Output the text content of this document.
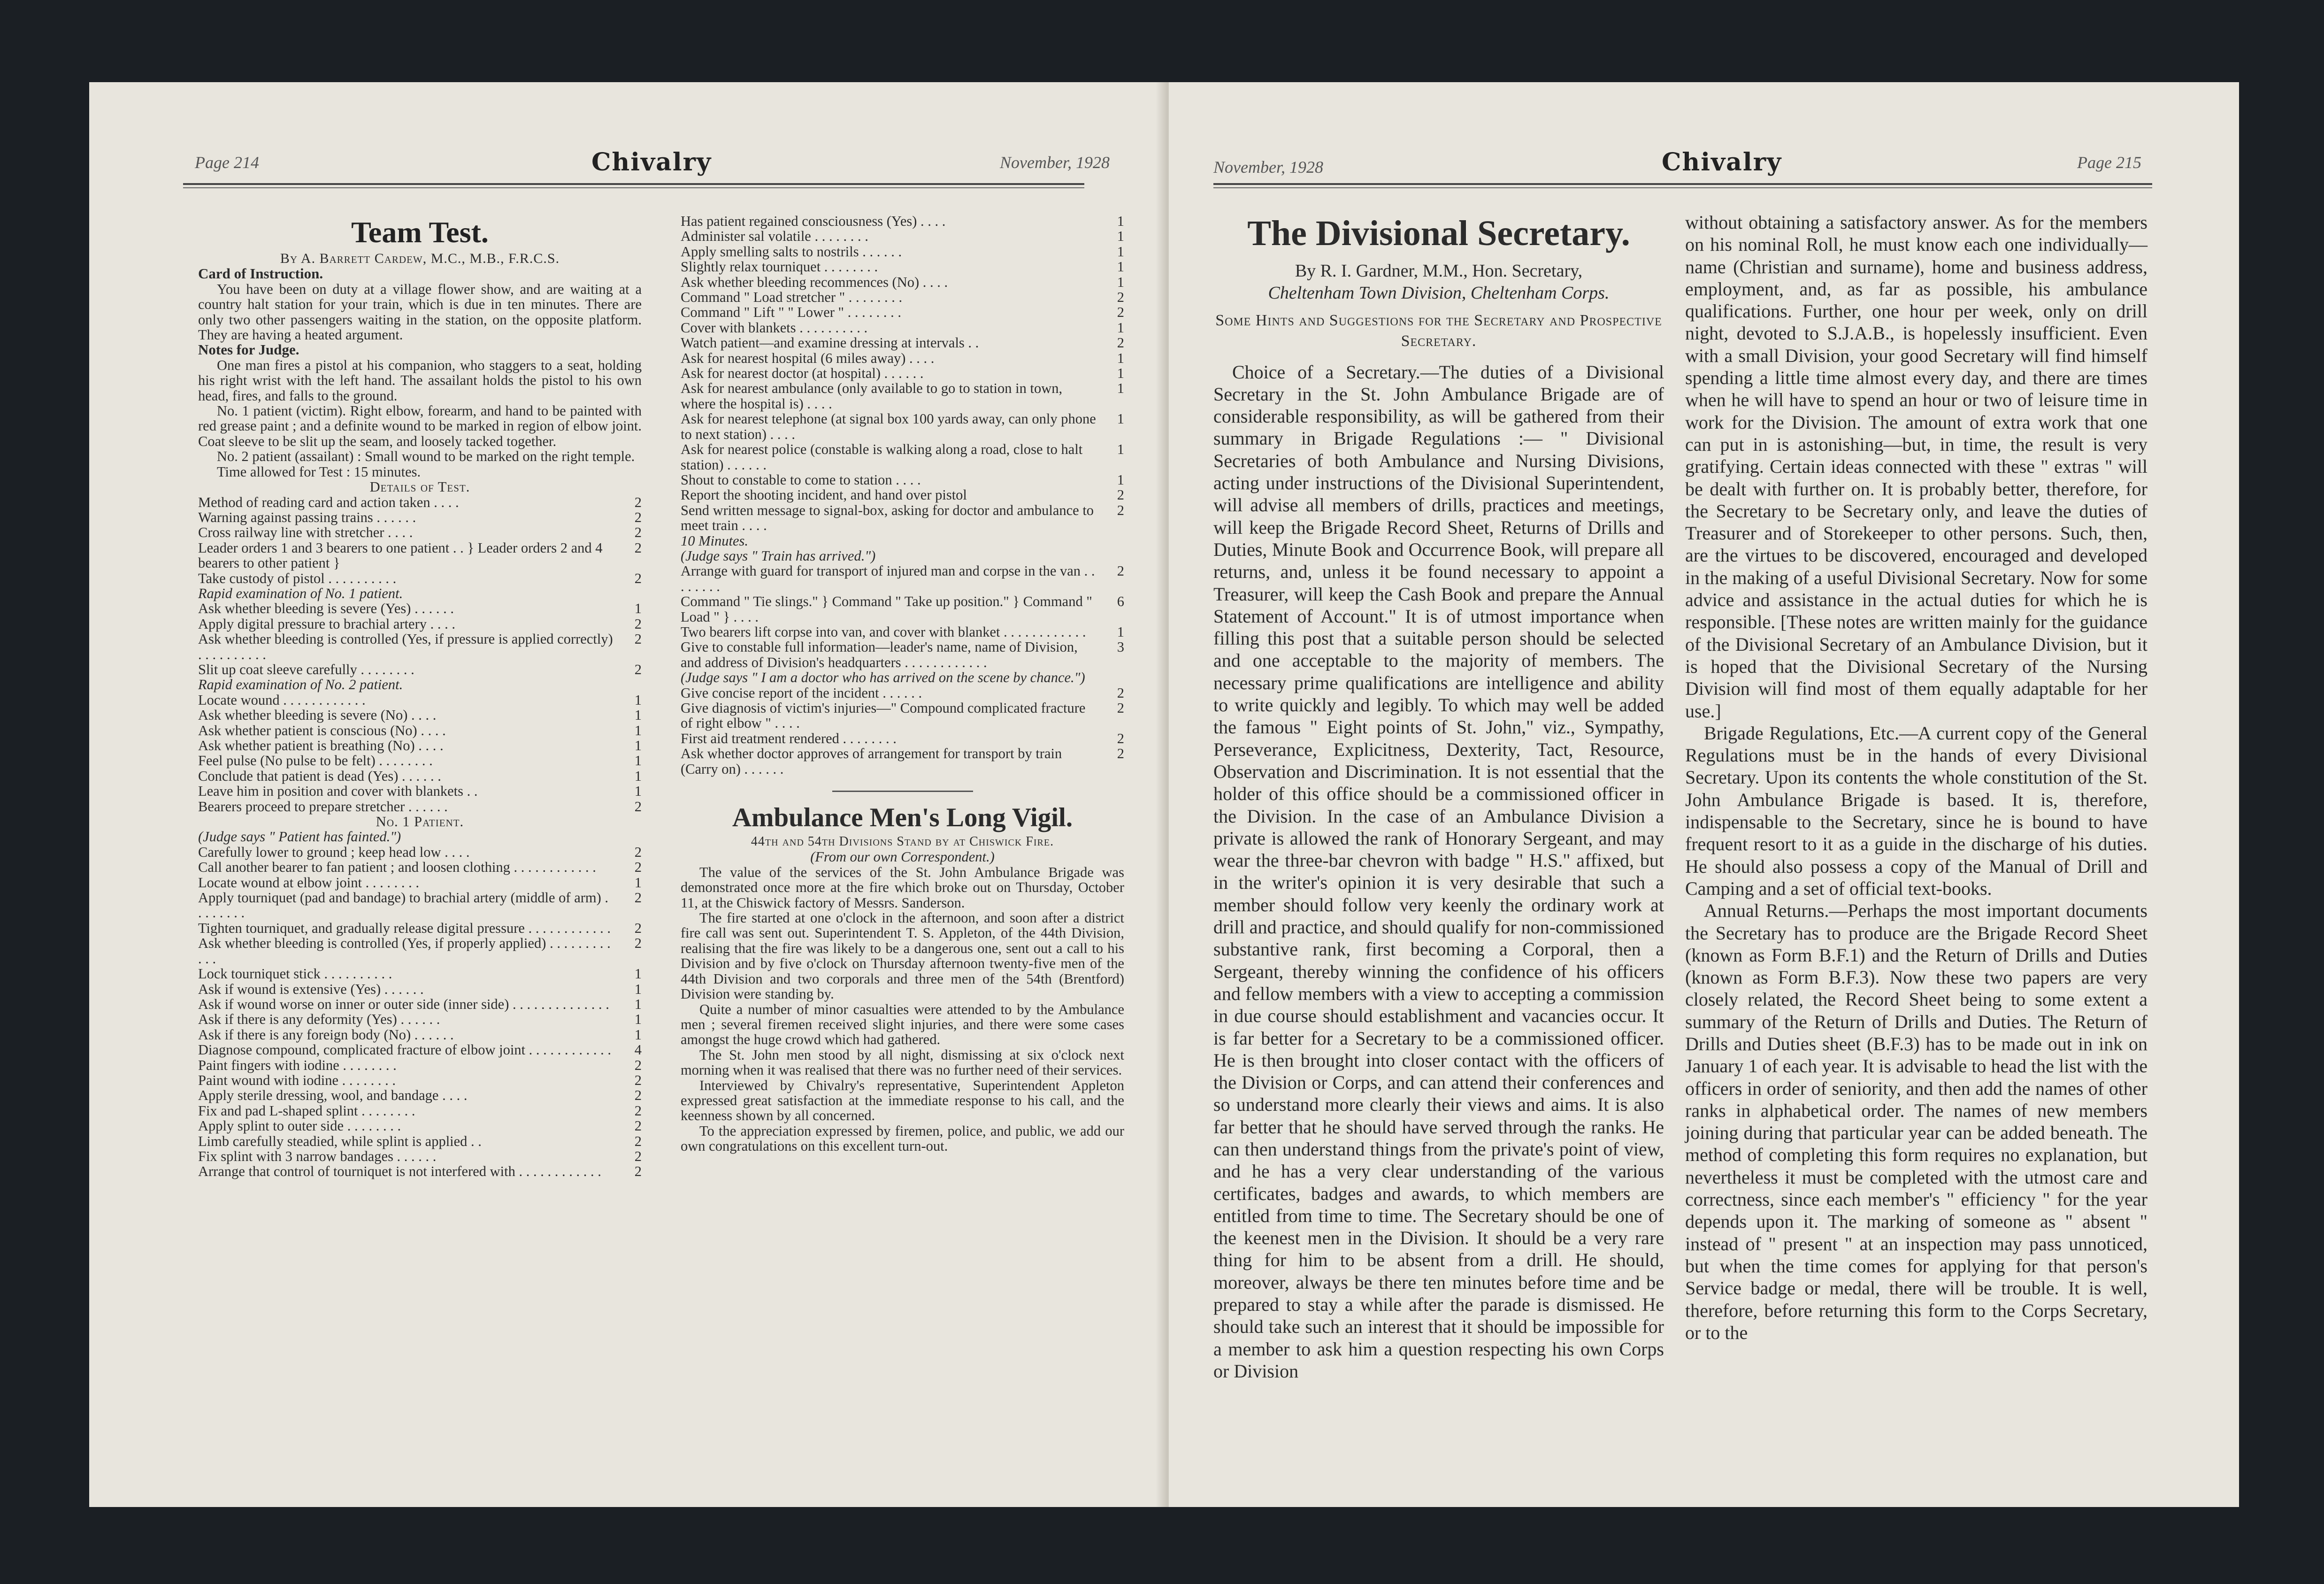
Page 214	Chivalry	November, 1928

Team Test.

By A. Barrett Cardew, M.C., M.B., F.R.C.S.

Card of Instruction.

You have been on duty at a village flower show, and are waiting at a country halt station for your train, which is due in ten minutes. There are only two other passengers waiting in the station, on the opposite platform. They are having a heated argument.

Notes for Judge.

One man fires a pistol at his companion, who staggers to a seat, holding his right wrist with the left hand. The assailant holds the pistol to his own head, fires, and falls to the ground.

No. 1 patient (victim). Right elbow, forearm, and hand to be painted with red grease paint ; and a definite wound to be marked in region of elbow joint. Coat sleeve to be slit up the seam, and loosely tacked together.

No. 2 patient (assailant) : Small wound to be marked on the right temple.

Time allowed for Test : 15 minutes.

Details of Test.

Method of reading card and action taken . . . .	2
Warning against passing trains . . . . . .	2
Cross railway line with stretcher . . . .	2
Leader orders 1 and 3 bearers to one patient . . } Leader orders 2 and 4 bearers to other patient }
2
Take custody of pistol . . . . . . . . . .	2

Rapid examination of No. 1 patient.

Ask whether bleeding is severe (Yes) . . . . . .	1
Apply digital pressure to brachial artery . . . .	2
Ask whether bleeding is controlled (Yes, if pressure is applied correctly) . . . . . . . . . .
2
Slit up coat sleeve carefully . . . . . . . .	2

Rapid examination of No. 2 patient.

Locate wound . . . . . . . . . . . .	1
Ask whether bleeding is severe (No) . . . .	1
Ask whether patient is conscious (No) . . . .	1
Ask whether patient is breathing (No) . . . .	1
Feel pulse (No pulse to be felt) . . . . . . . .	1
Conclude that patient is dead (Yes) . . . . . .	1
Leave him in position and cover with blankets . .	1
Bearers proceed to prepare stretcher . . . . . .	2

No. 1 Patient.

(Judge says " Patient has fainted.")

Carefully lower to ground ; keep head low . . . .	2
Call another bearer to fan patient ; and loosen clothing . . . . . . . . . . . .	2
Locate wound at elbow joint . . . . . . . .	1
Apply tourniquet (pad and bandage) to brachial artery (middle of arm) . . . . . . . .
2
Tighten tourniquet, and gradually release digital pressure . . . . . . . . . . . .	2
Ask whether bleeding is controlled (Yes, if properly applied) . . . . . . . . . . . .
2
Lock tourniquet stick . . . . . . . . . .	1
Ask if wound is extensive (Yes) . . . . . .	1
Ask if wound worse on inner or outer side (inner side) . . . . . . . . . . . . . .	1
Ask if there is any deformity (Yes) . . . . . .	1
Ask if there is any foreign body (No) . . . . . .	1
Diagnose compound, complicated fracture of elbow joint . . . . . . . . . . . .	4
Paint fingers with iodine . . . . . . . .	2
Paint wound with iodine . . . . . . . .	2
Apply sterile dressing, wool, and bandage . . . .	2
Fix and pad L-shaped splint . . . . . . . .	2
Apply splint to outer side . . . . . . . .	2
Limb carefully steadied, while splint is applied . .	2
Fix splint with 3 narrow bandages . . . . . .	2
Arrange that control of tourniquet is not interfered with . . . . . . . . . . . .	2
Has patient regained consciousness (Yes) . . . .	1
Administer sal volatile . . . . . . . .	1
Apply smelling salts to nostrils . . . . . .	1
Slightly relax tourniquet . . . . . . . .	1
Ask whether bleeding recommences (No) . . . .	1
Command " Load stretcher " . . . . . . . .	2
Command " Lift " " Lower " . . . . . . . .	2
Cover with blankets . . . . . . . . . .	1
Watch patient—and examine dressing at intervals . .	2
Ask for nearest hospital (6 miles away) . . . .	1
Ask for nearest doctor (at hospital) . . . . . .	1
Ask for nearest ambulance (only available to go to station in town, where the hospital is) . . . .
1
Ask for nearest telephone (at signal box 100 yards away, can only phone to next station) . . . .
1
Ask for nearest police (constable is walking along a road, close to halt station) . . . . . .
1
Shout to constable to come to station . . . .	1
Report the shooting incident, and hand over pistol	2
Send written message to signal-box, asking for doctor and ambulance to meet train . . . .
2

10 Minutes.

(Judge says " Train has arrived.")

Arrange with guard for transport of injured man and corpse in the van . . . . . . . .
2
Command " Tie slings." } Command " Take up position." } Command " Load " } . . . .
6
Two bearers lift corpse into van, and cover with blanket . . . . . . . . . . . .	1
Give to constable full information—leader's name, name of Division, and address of Division's headquarters . . . . . . . . . . . .
3

(Judge says " I am a doctor who has arrived on the scene by chance.")

Give concise report of the incident . . . . . .	2
Give diagnosis of victim's injuries—" Compound complicated fracture of right elbow " . . . .
2
First aid treatment rendered . . . . . . . .	2
Ask whether doctor approves of arrangement for transport by train (Carry on) . . . . . .
2

Ambulance Men's Long Vigil.

44th and 54th Divisions Stand by at Chiswick Fire.

(From our own Correspondent.)

The value of the services of the St. John Ambulance Brigade was demonstrated once more at the fire which broke out on Thursday, October 11, at the Chiswick factory of Messrs. Sanderson.

The fire started at one o'clock in the afternoon, and soon after a district fire call was sent out. Superintendent T. S. Appleton, of the 44th Division, realising that the fire was likely to be a dangerous one, sent out a call to his Division and by five o'clock on Thursday afternoon twenty-five men of the 44th Division and two corporals and three men of the 54th (Brentford) Division were standing by.

Quite a number of minor casualties were attended to by the Ambulance men ; several firemen received slight injuries, and there were some cases amongst the huge crowd which had gathered.

The St. John men stood by all night, dismissing at six o'clock next morning when it was realised that there was no further need of their services.

Interviewed by Chivalry's representative, Superintendent Appleton expressed great satisfaction at the immediate response to his call, and the keenness shown by all concerned.

To the appreciation expressed by firemen, police, and public, we add our own congratulations on this excellent turn-out.

November, 1928	Chivalry	Page 215

The Divisional Secretary.

By R. I. Gardner, M.M., Hon. Secretary,

Cheltenham Town Division, Cheltenham Corps.

Some Hints and Suggestions for the Secretary and Prospective Secretary.

Choice of a Secretary.—The duties of a Divisional Secretary in the St. John Ambulance Brigade are of considerable responsibility, as will be gathered from their summary in Brigade Regulations :— " Divisional Secretaries of both Ambulance and Nursing Divisions, acting under instructions of the Divisional Superintendent, will advise all members of drills, practices and meetings, will keep the Brigade Record Sheet, Returns of Drills and Duties, Minute Book and Occurrence Book, will prepare all returns, and, unless it be found necessary to appoint a Treasurer, will keep the Cash Book and prepare the Annual Statement of Account." It is of utmost importance when filling this post that a suitable person should be selected and one acceptable to the majority of members. The necessary prime qualifications are intelligence and ability to write quickly and legibly. To which may well be added the famous " Eight points of St. John," viz., Sympathy, Perseverance, Explicitness, Dexterity, Tact, Resource, Observation and Discrimination. It is not essential that the holder of this office should be a commissioned officer in the Division. In the case of an Ambulance Division a private is allowed the rank of Honorary Sergeant, and may wear the three-bar chevron with badge " H.S." affixed, but in the writer's opinion it is very desirable that such a member should follow very keenly the ordinary work at drill and practice, and should qualify for non-commissioned substantive rank, first becoming a Corporal, then a Sergeant, thereby winning the confidence of his officers and fellow members with a view to accepting a commission in due course should establishment and vacancies occur. It is far better for a Secretary to be a commissioned officer. He is then brought into closer contact with the officers of the Division or Corps, and can attend their conferences and so understand more clearly their views and aims. It is also far better that he should have served through the ranks. He can then understand things from the private's point of view, and he has a very clear understanding of the various certificates, badges and awards, to which members are entitled from time to time. The Secretary should be one of the keenest men in the Division. It should be a very rare thing for him to be absent from a drill. He should, moreover, always be there ten minutes before time and be prepared to stay a while after the parade is dismissed. He should take such an interest that it should be impossible for a member to ask him a question respecting his own Corps or Division

without obtaining a satisfactory answer. As for the members on his nominal Roll, he must know each one individually—name (Christian and surname), home and business address, employment, and, as far as possible, his ambulance qualifications. Further, one hour per week, only on drill night, devoted to S.J.A.B., is hopelessly insufficient. Even with a small Division, your good Secretary will find himself spending a little time almost every day, and there are times when he will have to spend an hour or two of leisure time in work for the Division. The amount of extra work that one can put in is astonishing—but, in time, the result is very gratifying. Certain ideas connected with these " extras " will be dealt with further on. It is probably better, therefore, for the Secretary to be Secretary only, and leave the duties of Treasurer and of Storekeeper to other persons. Such, then, are the virtues to be discovered, encouraged and developed in the making of a useful Divisional Secretary. Now for some advice and assistance in the actual duties for which he is responsible. [These notes are written mainly for the guidance of the Divisional Secretary of an Ambulance Division, but it is hoped that the Divisional Secretary of the Nursing Division will find most of them equally adaptable for her use.]

Brigade Regulations, Etc.—A current copy of the General Regulations must be in the hands of every Divisional Secretary. Upon its contents the whole constitution of the St. John Ambulance Brigade is based. It is, therefore, indispensable to the Secretary, since he is bound to have frequent resort to it as a guide in the discharge of his duties. He should also possess a copy of the Manual of Drill and Camping and a set of official text-books.

Annual Returns.—Perhaps the most important documents the Secretary has to produce are the Brigade Record Sheet (known as Form B.F.1) and the Return of Drills and Duties (known as Form B.F.3). Now these two papers are very closely related, the Record Sheet being to some extent a summary of the Return of Drills and Duties. The Return of Drills and Duties sheet (B.F.3) has to be made out in ink on January 1 of each year. It is advisable to head the list with the officers in order of seniority, and then add the names of other ranks in alphabetical order. The names of new members joining during that particular year can be added beneath. The method of completing this form requires no explanation, but nevertheless it must be completed with the utmost care and correctness, since each member's " efficiency " for the year depends upon it. The marking of someone as " absent " instead of " present " at an inspection may pass unnoticed, but when the time comes for applying for that person's Service badge or medal, there will be trouble. It is well, therefore, before returning this form to the Corps Secretary, or to the
